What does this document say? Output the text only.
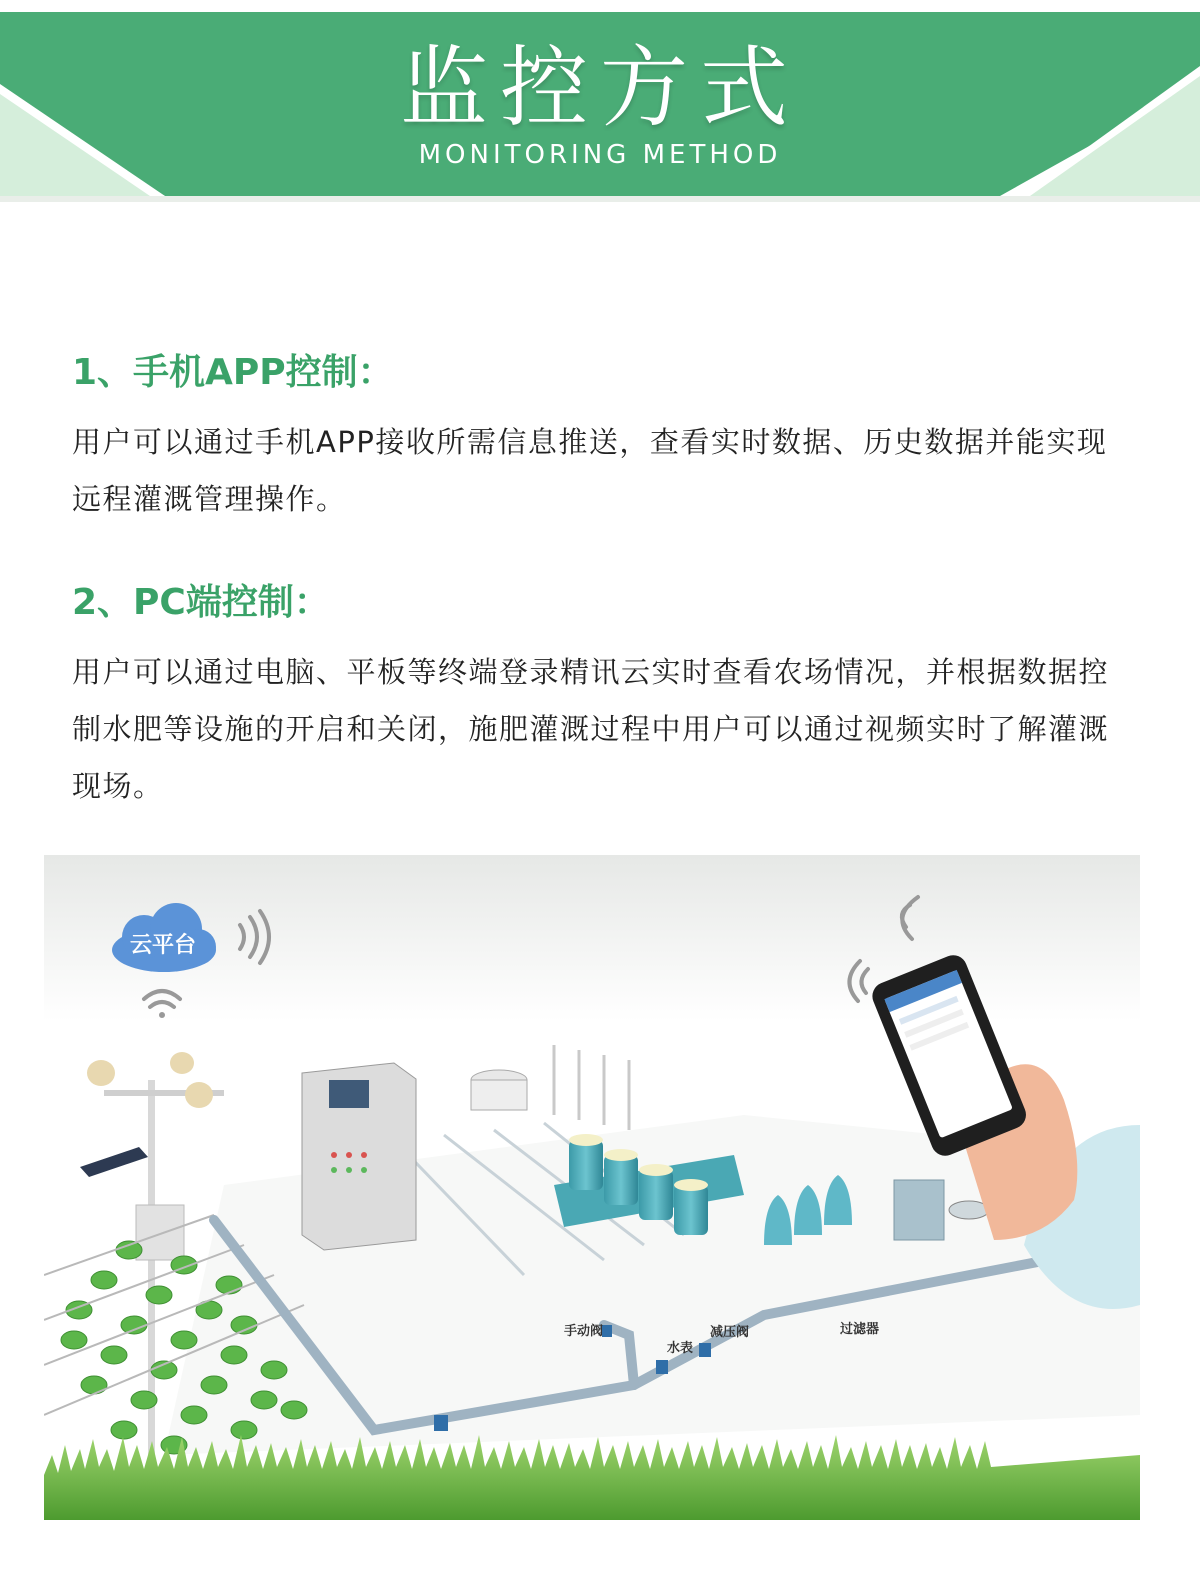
监控方式
MONITORING METHOD
1、手机APP控制：

用户可以通过手机APP接收所需信息推送，查看实时数据、历史数据并能实现远程灌溉管理操作。

2、PC端控制：

用户可以通过电脑、平板等终端登录精讯云实时查看农场情况，并根据数据控制水肥等设施的开启和关闭，施肥灌溉过程中用户可以通过视频实时了解灌溉现场。

云平台
手动阀
水表
减压阀	过滤器
